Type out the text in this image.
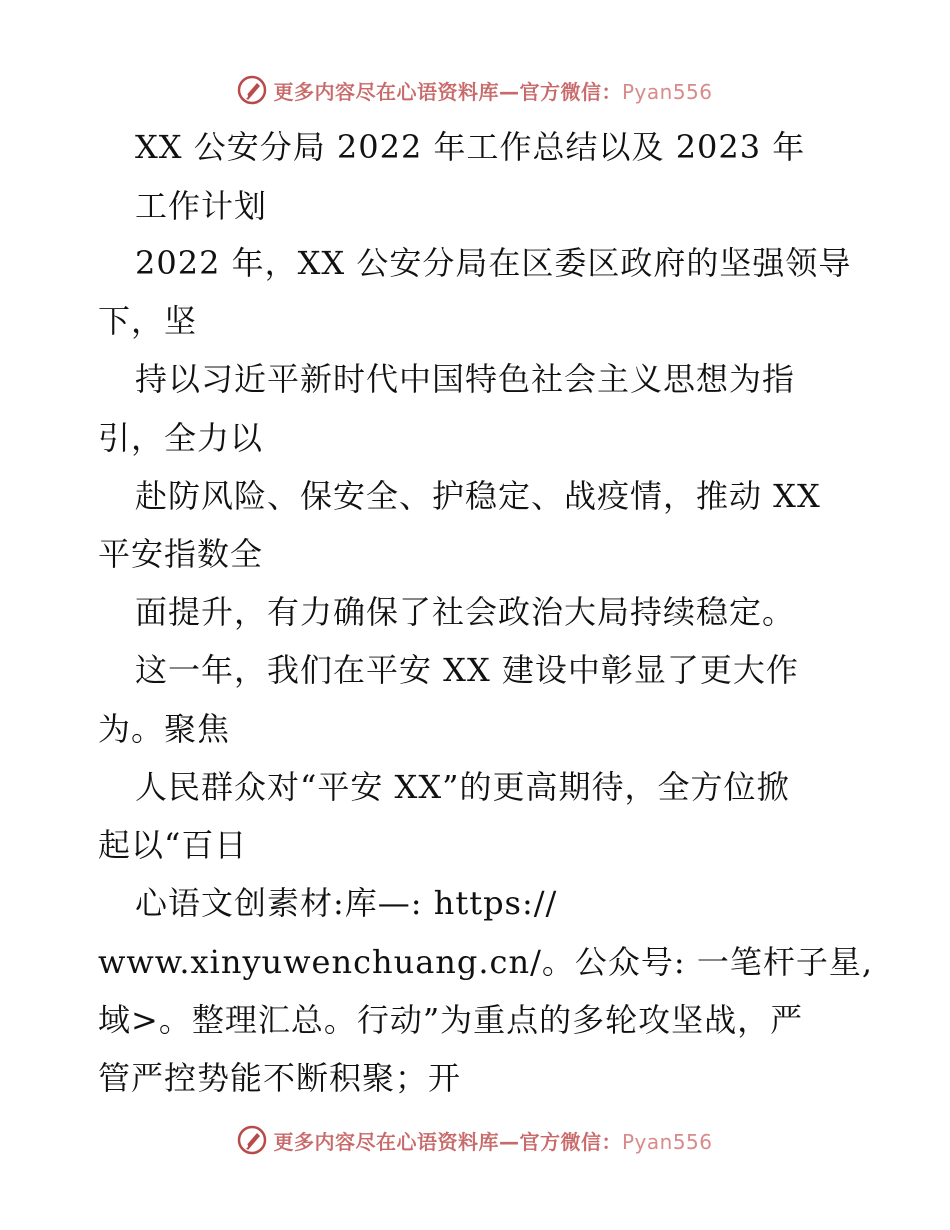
更多内容尽在心语资料库—官方微信：Pyan556
XX 公安分局 2022 年工作总结以及 2023 年
工作计划
2022 年，XX 公安分局在区委区政府的坚强领导
下，坚
持以习近平新时代中国特色社会主义思想为指
引，全力以
赴防风险、保安全、护稳定、战疫情，推动 XX
平安指数全
面提升，有力确保了社会政治大局持续稳定。
这一年，我们在平安 XX 建设中彰显了更大作
为。聚焦
人民群众对“平安 XX”的更高期待，全方位掀
起以“百日
心语文创素材:库—: https://
www.xinyuwenchuang.cn/。公众号: 一笔杆子星,
域>。整理汇总。行动”为重点的多轮攻坚战，严
管严控势能不断积聚；开
更多内容尽在心语资料库—官方微信：Pyan556
